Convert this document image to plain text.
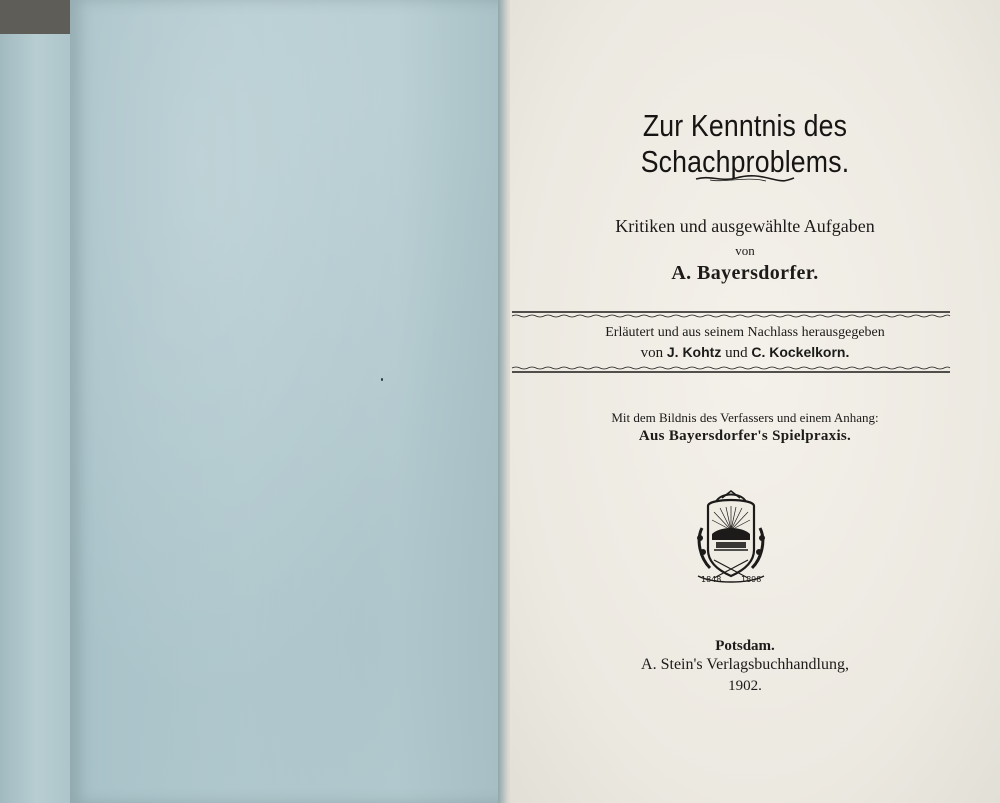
Zur Kenntnis des Schachproblems.
Kritiken und ausgewählte Aufgaben
von
A. Bayersdorfer.
Erläutert und aus seinem Nachlass herausgegeben
von J. Kohtz und C. Kockelkorn.
Mit dem Bildnis des Verfassers und einem Anhang:
Aus Bayersdorfer's Spielpraxis.
1848 1898
Potsdam.
A. Stein's Verlagsbuchhandlung,
1902.
